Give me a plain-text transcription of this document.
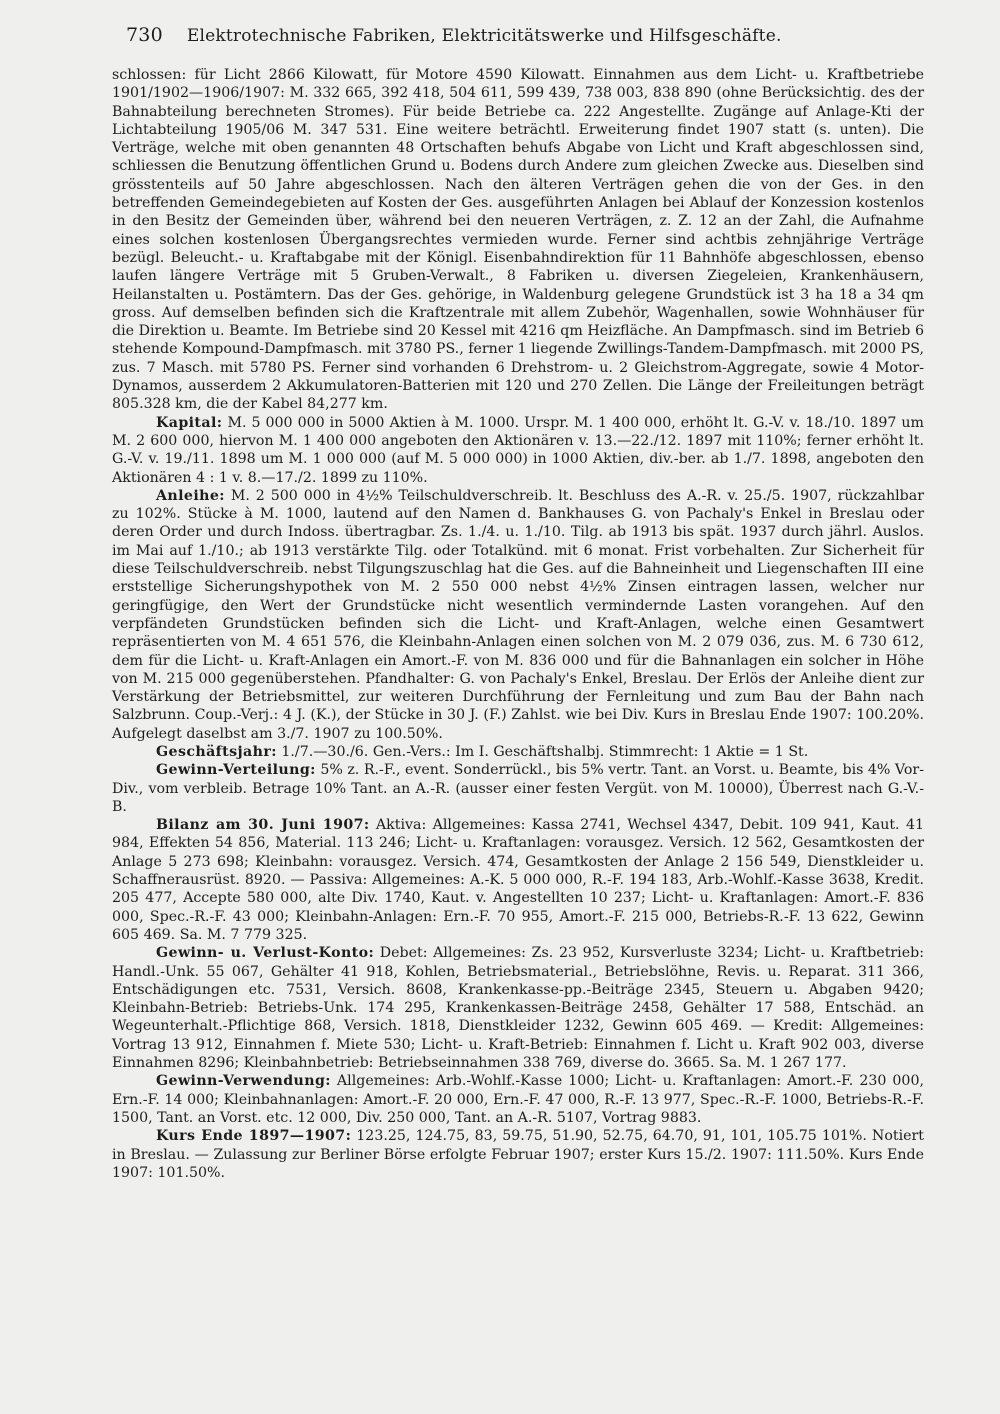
730 Elektrotechnische Fabriken, Elektricitätswerke und Hilfsgeschäfte.

schlossen: für Licht 2866 Kilowatt, für Motore 4590 Kilowatt. Einnahmen aus dem Licht- u. Kraftbetriebe 1901/1902—1906/1907: M. 332 665, 392 418, 504 611, 599 439, 738 003, 838 890 (ohne Berücksichtig. des der Bahnabteilung berechneten Stromes). Für beide Betriebe ca. 222 Angestellte. Zugänge auf Anlage-Kti der Lichtabteilung 1905/06 M. 347 531. Eine weitere beträchtl. Erweiterung findet 1907 statt (s. unten). Die Verträge, welche mit oben genannten 48 Ortschaften behufs Abgabe von Licht und Kraft abgeschlossen sind, schliessen die Benutzung öffentlichen Grund u. Bodens durch Andere zum gleichen Zwecke aus. Dieselben sind grösstenteils auf 50 Jahre abgeschlossen. Nach den älteren Verträgen gehen die von der Ges. in den betreffenden Gemeindegebieten auf Kosten der Ges. ausgeführten Anlagen bei Ablauf der Konzession kostenlos in den Besitz der Gemeinden über, während bei den neueren Verträgen, z. Z. 12 an der Zahl, die Aufnahme eines solchen kostenlosen Übergangsrechtes vermieden wurde. Ferner sind achtbis zehnjährige Verträge bezügl. Beleucht.- u. Kraftabgabe mit der Königl. Eisenbahndirektion für 11 Bahnhöfe abgeschlossen, ebenso laufen längere Verträge mit 5 Gruben-Verwalt., 8 Fabriken u. diversen Ziegeleien, Krankenhäusern, Heilanstalten u. Postämtern. Das der Ges. gehörige, in Waldenburg gelegene Grundstück ist 3 ha 18 a 34 qm gross. Auf demselben befinden sich die Kraftzentrale mit allem Zubehör, Wagenhallen, sowie Wohnhäuser für die Direktion u. Beamte. Im Betriebe sind 20 Kessel mit 4216 qm Heizfläche. An Dampfmasch. sind im Betrieb 6 stehende Kompound-Dampfmasch. mit 3780 PS., ferner 1 liegende Zwillings-Tandem-Dampfmasch. mit 2000 PS, zus. 7 Masch. mit 5780 PS. Ferner sind vorhanden 6 Drehstrom- u. 2 Gleichstrom-Aggregate, sowie 4 Motor-Dynamos, ausserdem 2 Akkumulatoren-Batterien mit 120 und 270 Zellen. Die Länge der Freileitungen beträgt 805.328 km, die der Kabel 84,277 km.

Kapital: M. 5 000 000 in 5000 Aktien à M. 1000. Urspr. M. 1 400 000, erhöht lt. G.-V. v. 18./10. 1897 um M. 2 600 000, hiervon M. 1 400 000 angeboten den Aktionären v. 13.—22./12. 1897 mit 110%; ferner erhöht lt. G.-V. v. 19./11. 1898 um M. 1 000 000 (auf M. 5 000 000) in 1000 Aktien, div.-ber. ab 1./7. 1898, angeboten den Aktionären 4 : 1 v. 8.—17./2. 1899 zu 110%.

Anleihe: M. 2 500 000 in 4½% Teilschuldverschreib. lt. Beschluss des A.-R. v. 25./5. 1907, rückzahlbar zu 102%. Stücke à M. 1000, lautend auf den Namen d. Bankhauses G. von Pachaly's Enkel in Breslau oder deren Order und durch Indoss. übertragbar. Zs. 1./4. u. 1./10. Tilg. ab 1913 bis spät. 1937 durch jährl. Auslos. im Mai auf 1./10.; ab 1913 verstärkte Tilg. oder Totalkünd. mit 6 monat. Frist vorbehalten. Zur Sicherheit für diese Teilschuldverschreib. nebst Tilgungszuschlag hat die Ges. auf die Bahneinheit und Liegenschaften III eine erststellige Sicherungshypothek von M. 2 550 000 nebst 4½% Zinsen eintragen lassen, welcher nur geringfügige, den Wert der Grundstücke nicht wesentlich vermindernde Lasten vorangehen. Auf den verpfändeten Grundstücken befinden sich die Licht- und Kraft-Anlagen, welche einen Gesamtwert repräsentierten von M. 4 651 576, die Kleinbahn-Anlagen einen solchen von M. 2 079 036, zus. M. 6 730 612, dem für die Licht- u. Kraft-Anlagen ein Amort.-F. von M. 836 000 und für die Bahnanlagen ein solcher in Höhe von M. 215 000 gegenüberstehen. Pfandhalter: G. von Pachaly's Enkel, Breslau. Der Erlös der Anleihe dient zur Verstärkung der Betriebsmittel, zur weiteren Durchführung der Fernleitung und zum Bau der Bahn nach Salzbrunn. Coup.-Verj.: 4 J. (K.), der Stücke in 30 J. (F.) Zahlst. wie bei Div. Kurs in Breslau Ende 1907: 100.20%. Aufgelegt daselbst am 3./7. 1907 zu 100.50%.

Geschäftsjahr: 1./7.—30./6. Gen.-Vers.: Im I. Geschäftshalbj. Stimmrecht: 1 Aktie = 1 St.

Gewinn-Verteilung: 5% z. R.-F., event. Sonderrückl., bis 5% vertr. Tant. an Vorst. u. Beamte, bis 4% Vor-Div., vom verbleib. Betrage 10% Tant. an A.-R. (ausser einer festen Vergüt. von M. 10000), Überrest nach G.-V.-B.

Bilanz am 30. Juni 1907: Aktiva: Allgemeines: Kassa 2741, Wechsel 4347, Debit. 109 941, Kaut. 41 984, Effekten 54 856, Material. 113 246; Licht- u. Kraftanlagen: vorausgez. Versich. 12 562, Gesamtkosten der Anlage 5 273 698; Kleinbahn: vorausgez. Versich. 474, Gesamtkosten der Anlage 2 156 549, Dienstkleider u. Schaffnerausrüst. 8920. — Passiva: Allgemeines: A.-K. 5 000 000, R.-F. 194 183, Arb.-Wohlf.-Kasse 3638, Kredit. 205 477, Accepte 580 000, alte Div. 1740, Kaut. v. Angestellten 10 237; Licht- u. Kraftanlagen: Amort.-F. 836 000, Spec.-R.-F. 43 000; Kleinbahn-Anlagen: Ern.-F. 70 955, Amort.-F. 215 000, Betriebs-R.-F. 13 622, Gewinn 605 469. Sa. M. 7 779 325.

Gewinn- u. Verlust-Konto: Debet: Allgemeines: Zs. 23 952, Kursverluste 3234; Licht- u. Kraftbetrieb: Handl.-Unk. 55 067, Gehälter 41 918, Kohlen, Betriebsmaterial., Betriebslöhne, Revis. u. Reparat. 311 366, Entschädigungen etc. 7531, Versich. 8608, Krankenkasse-pp.-Beiträge 2345, Steuern u. Abgaben 9420; Kleinbahn-Betrieb: Betriebs-Unk. 174 295, Krankenkassen-Beiträge 2458, Gehälter 17 588, Entschäd. an Wegeunterhalt.-Pflichtige 868, Versich. 1818, Dienstkleider 1232, Gewinn 605 469. — Kredit: Allgemeines: Vortrag 13 912, Einnahmen f. Miete 530; Licht- u. Kraft-Betrieb: Einnahmen f. Licht u. Kraft 902 003, diverse Einnahmen 8296; Kleinbahnbetrieb: Betriebseinnahmen 338 769, diverse do. 3665. Sa. M. 1 267 177.

Gewinn-Verwendung: Allgemeines: Arb.-Wohlf.-Kasse 1000; Licht- u. Kraftanlagen: Amort.-F. 230 000, Ern.-F. 14 000; Kleinbahnanlagen: Amort.-F. 20 000, Ern.-F. 47 000, R.-F. 13 977, Spec.-R.-F. 1000, Betriebs-R.-F. 1500, Tant. an Vorst. etc. 12 000, Div. 250 000, Tant. an A.-R. 5107, Vortrag 9883.

Kurs Ende 1897—1907: 123.25, 124.75, 83, 59.75, 51.90, 52.75, 64.70, 91, 101, 105.75 101%. Notiert in Breslau. — Zulassung zur Berliner Börse erfolgte Februar 1907; erster Kurs 15./2. 1907: 111.50%. Kurs Ende 1907: 101.50%.
